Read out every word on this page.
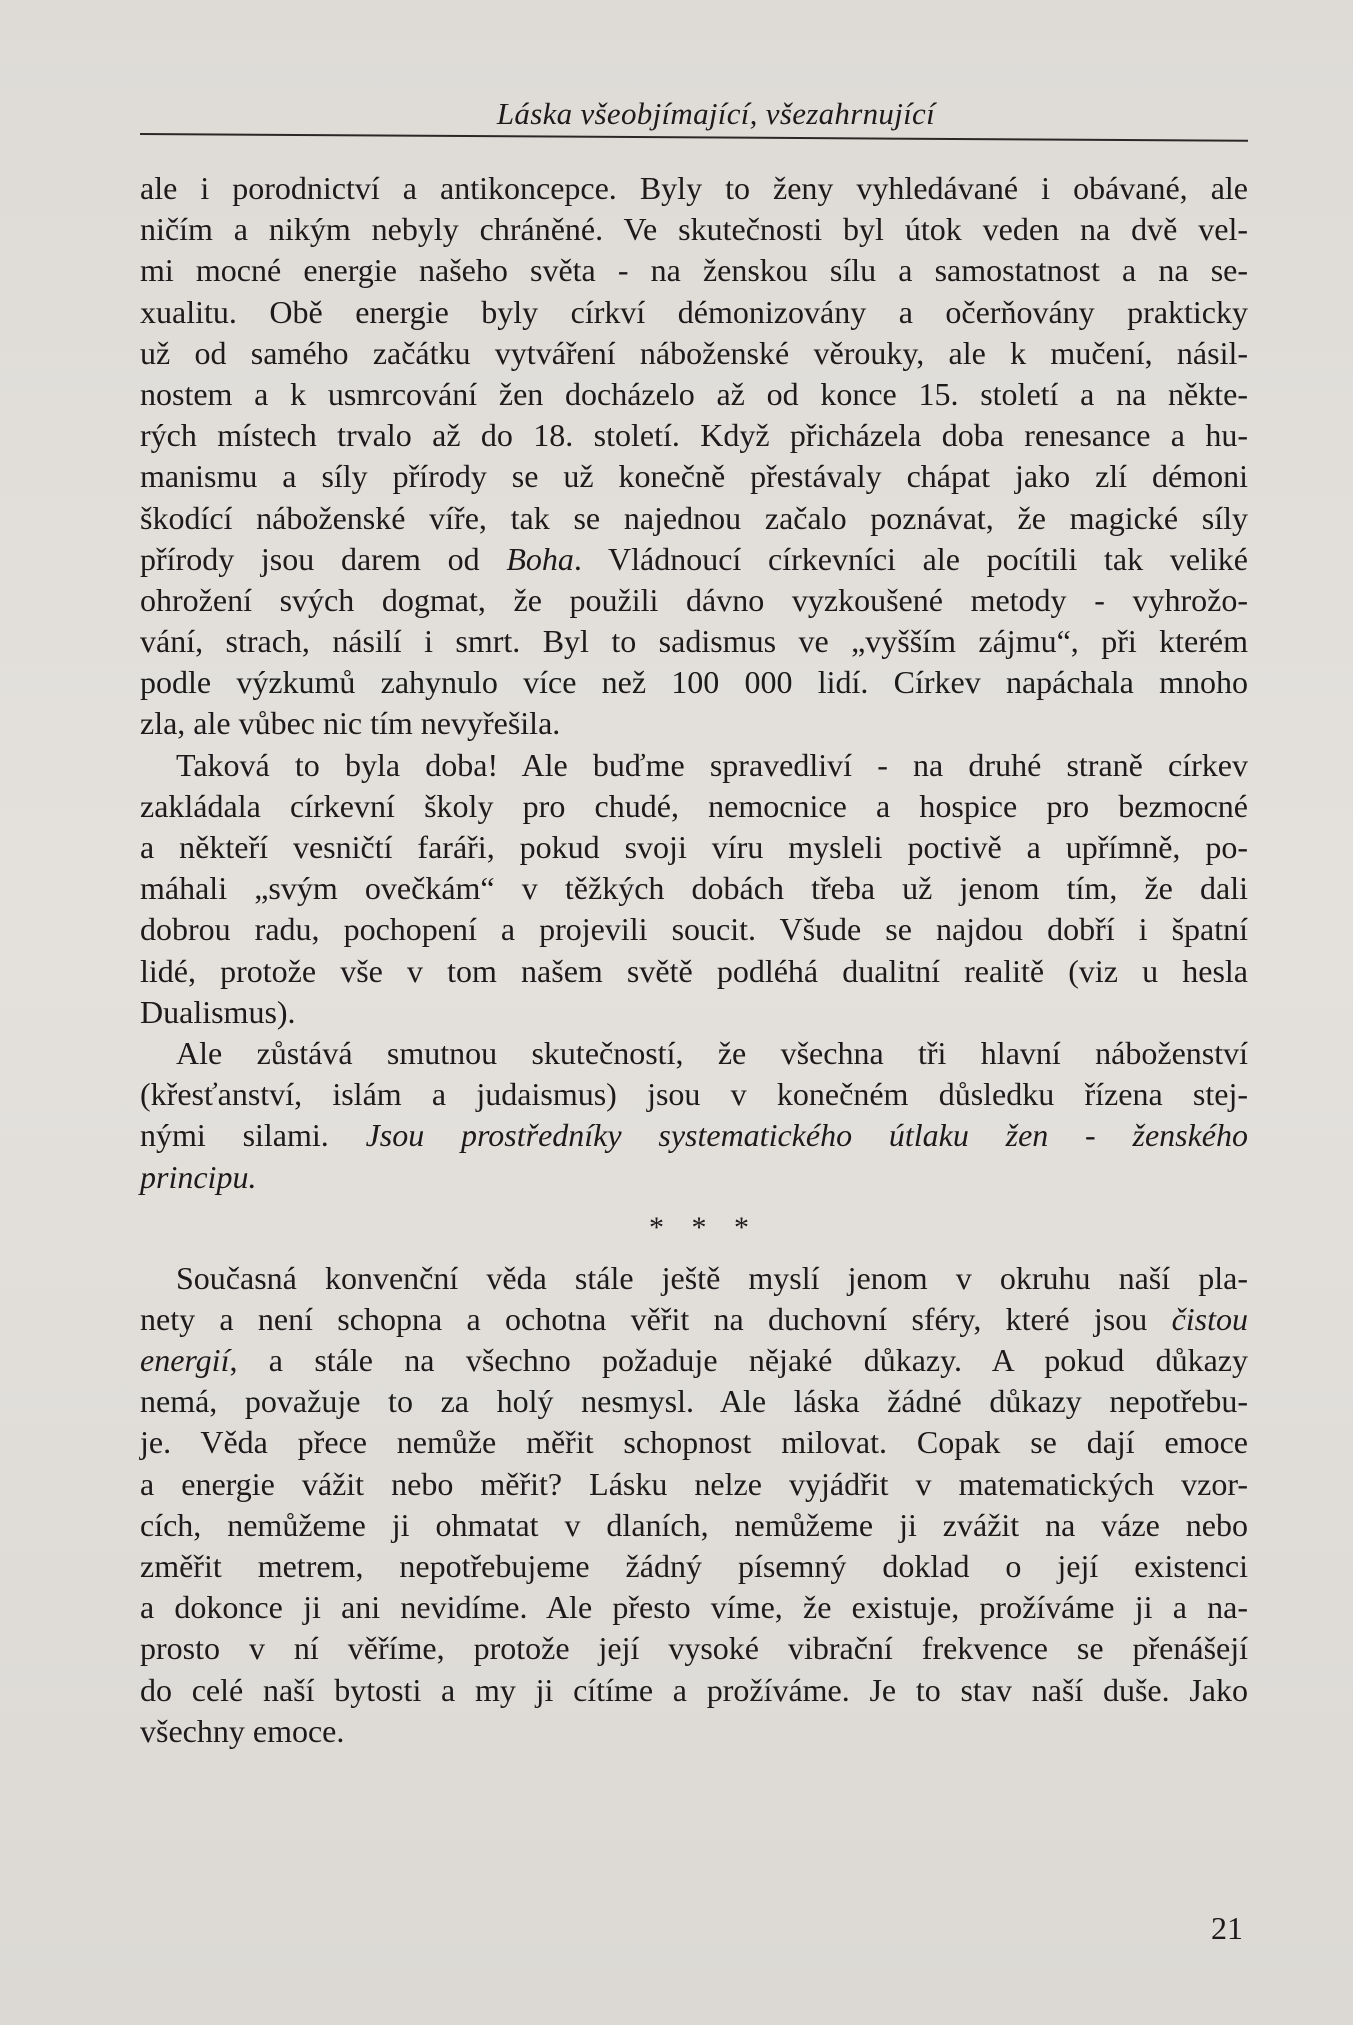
Láska všeobjímající, všezahrnující
ale i porodnictví a antikoncepce. Byly to ženy vyhledávané i obávané, ale
ničím a nikým nebyly chráněné. Ve skutečnosti byl útok veden na dvě vel-
mi mocné energie našeho světa - na ženskou sílu a samostatnost a na se-
xualitu. Obě energie byly církví démonizovány a očerňovány prakticky
už od samého začátku vytváření náboženské věrouky, ale k mučení, násil-
nostem a k usmrcování žen docházelo až od konce 15. století a na někte-
rých místech trvalo až do 18. století. Když přicházela doba renesance a hu-
manismu a síly přírody se už konečně přestávaly chápat jako zlí démoni
škodící náboženské víře, tak se najednou začalo poznávat, že magické síly
přírody jsou darem od Boha. Vládnoucí církevníci ale pocítili tak veliké
ohrožení svých dogmat, že použili dávno vyzkoušené metody - vyhrožo-
vání, strach, násilí i smrt. Byl to sadismus ve „vyšším zájmu“, při kterém
podle výzkumů zahynulo více než 100 000 lidí. Církev napáchala mnoho
zla, ale vůbec nic tím nevyřešila.
Taková to byla doba! Ale buďme spravedliví - na druhé straně církev
zakládala církevní školy pro chudé, nemocnice a hospice pro bezmocné
a někteří vesničtí faráři, pokud svoji víru mysleli poctivě a upřímně, po-
máhali „svým ovečkám“ v těžkých dobách třeba už jenom tím, že dali
dobrou radu, pochopení a projevili soucit. Všude se najdou dobří i špatní
lidé, protože vše v tom našem světě podléhá dualitní realitě (viz u hesla
Dualismus).
Ale zůstává smutnou skutečností, že všechna tři hlavní náboženství
(křesťanství, islám a judaismus) jsou v konečném důsledku řízena stej-
nými silami. Jsou prostředníky systematického útlaku žen - ženského
principu.
* * *
Současná konvenční věda stále ještě myslí jenom v okruhu naší pla-
nety a není schopna a ochotna věřit na duchovní sféry, které jsou čistou
energií, a stále na všechno požaduje nějaké důkazy. A pokud důkazy
nemá, považuje to za holý nesmysl. Ale láska žádné důkazy nepotřebu-
je. Věda přece nemůže měřit schopnost milovat. Copak se dají emoce
a energie vážit nebo měřit? Lásku nelze vyjádřit v matematických vzor-
cích, nemůžeme ji ohmatat v dlaních, nemůžeme ji zvážit na váze nebo
změřit metrem, nepotřebujeme žádný písemný doklad o její existenci
a dokonce ji ani nevidíme. Ale přesto víme, že existuje, prožíváme ji a na-
prosto v ní věříme, protože její vysoké vibrační frekvence se přenášejí
do celé naší bytosti a my ji cítíme a prožíváme. Je to stav naší duše. Jako
všechny emoce.
21
